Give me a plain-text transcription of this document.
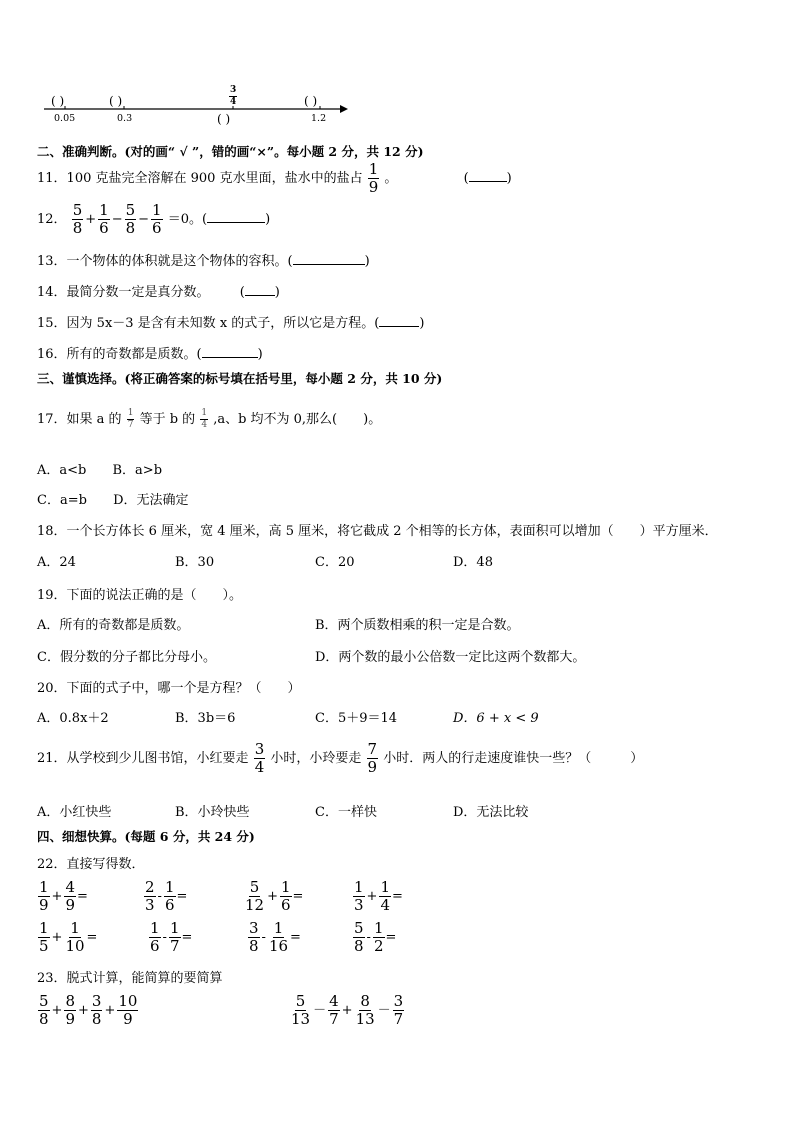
( )	( )
( )
( )
$\frac{3}{4}$
0.05	0.3	1.2
二、准确判断。(对的画“ √ ”，错的画“×”。每小题 2 分，共 12 分)
11．100 克盐完全溶解在 900 克水里面，盐水中的盐占 $\frac{1}{9}$ 。	(	)
12． $\frac{5}{8} + \frac{1}{6} - \frac{5}{8} - \frac{1}{6} =0$。(	)
13．一个物体的体积就是这个物体的容积。(	)
14．最简分数一定是真分数。 ( )
15．因为 5x－3 是含有未知数 x 的式子，所以它是方程。(	)
16．所有的奇数都是质数。(	)
三、谨慎选择。(将正确答案的标号填在括号里，每小题 2 分，共 10 分)
17．如果 a 的 $\frac{1}{7}$ 等于 b 的 $\frac{1}{4} ,a$、b 均不为 0,那么(　　)。
A．a<b B．a>b
C．a=b D．无法确定
18．一个长方体长 6 厘米，宽 4 厘米，高 5 厘米，将它截成 2 个相等的长方体，表面积可以增加（　　）平方厘米．
A．24	B．30	C．20	D．48
19．下面的说法正确的是（　　）。
A．所有的奇数都是质数。	B．两个质数相乘的积一定是合数。
C．假分数的分子都比分母小。	D．两个数的最小公倍数一定比这两个数都大。
20．下面的式子中，哪一个是方程？（　　）
A．0.8x＋2	B．3b＝6	C．5＋9＝14	D．6 + x < 9
21．从学校到少儿图书馆，小红要走 $\frac{3}{4}$ 小时，小玲要走 $\frac{7}{9}$ 小时．两人的行走速度谁快一些？（　　　）
A．小红快些	B．小玲快些	C．一样快	D．无法比较
四、细想快算。(每题 6 分，共 24 分)
22．直接写得数．
$\frac{1}{9} + \frac{4}{9}$ =	$\frac{2}{3} - \frac{1}{6}$ =	$\frac{5}{12} + \frac{1}{6}$ =	$\frac{1}{3} + \frac{1}{4}$ =
$\frac{1}{5} + \frac{1}{10}$ =	$\frac{1}{6} - \frac{1}{7}$ =	$\frac{3}{8} - \frac{1}{16}$ =	$\frac{5}{8} - \frac{1}{2}$ =
23．脱式计算，能简算的要简算
$\frac{5}{8} + \frac{8}{9} + \frac{3}{8} + \frac{10}{9}$	$\frac{5}{13} - \frac{4}{7} + \frac{8}{13} - \frac{3}{7}$
